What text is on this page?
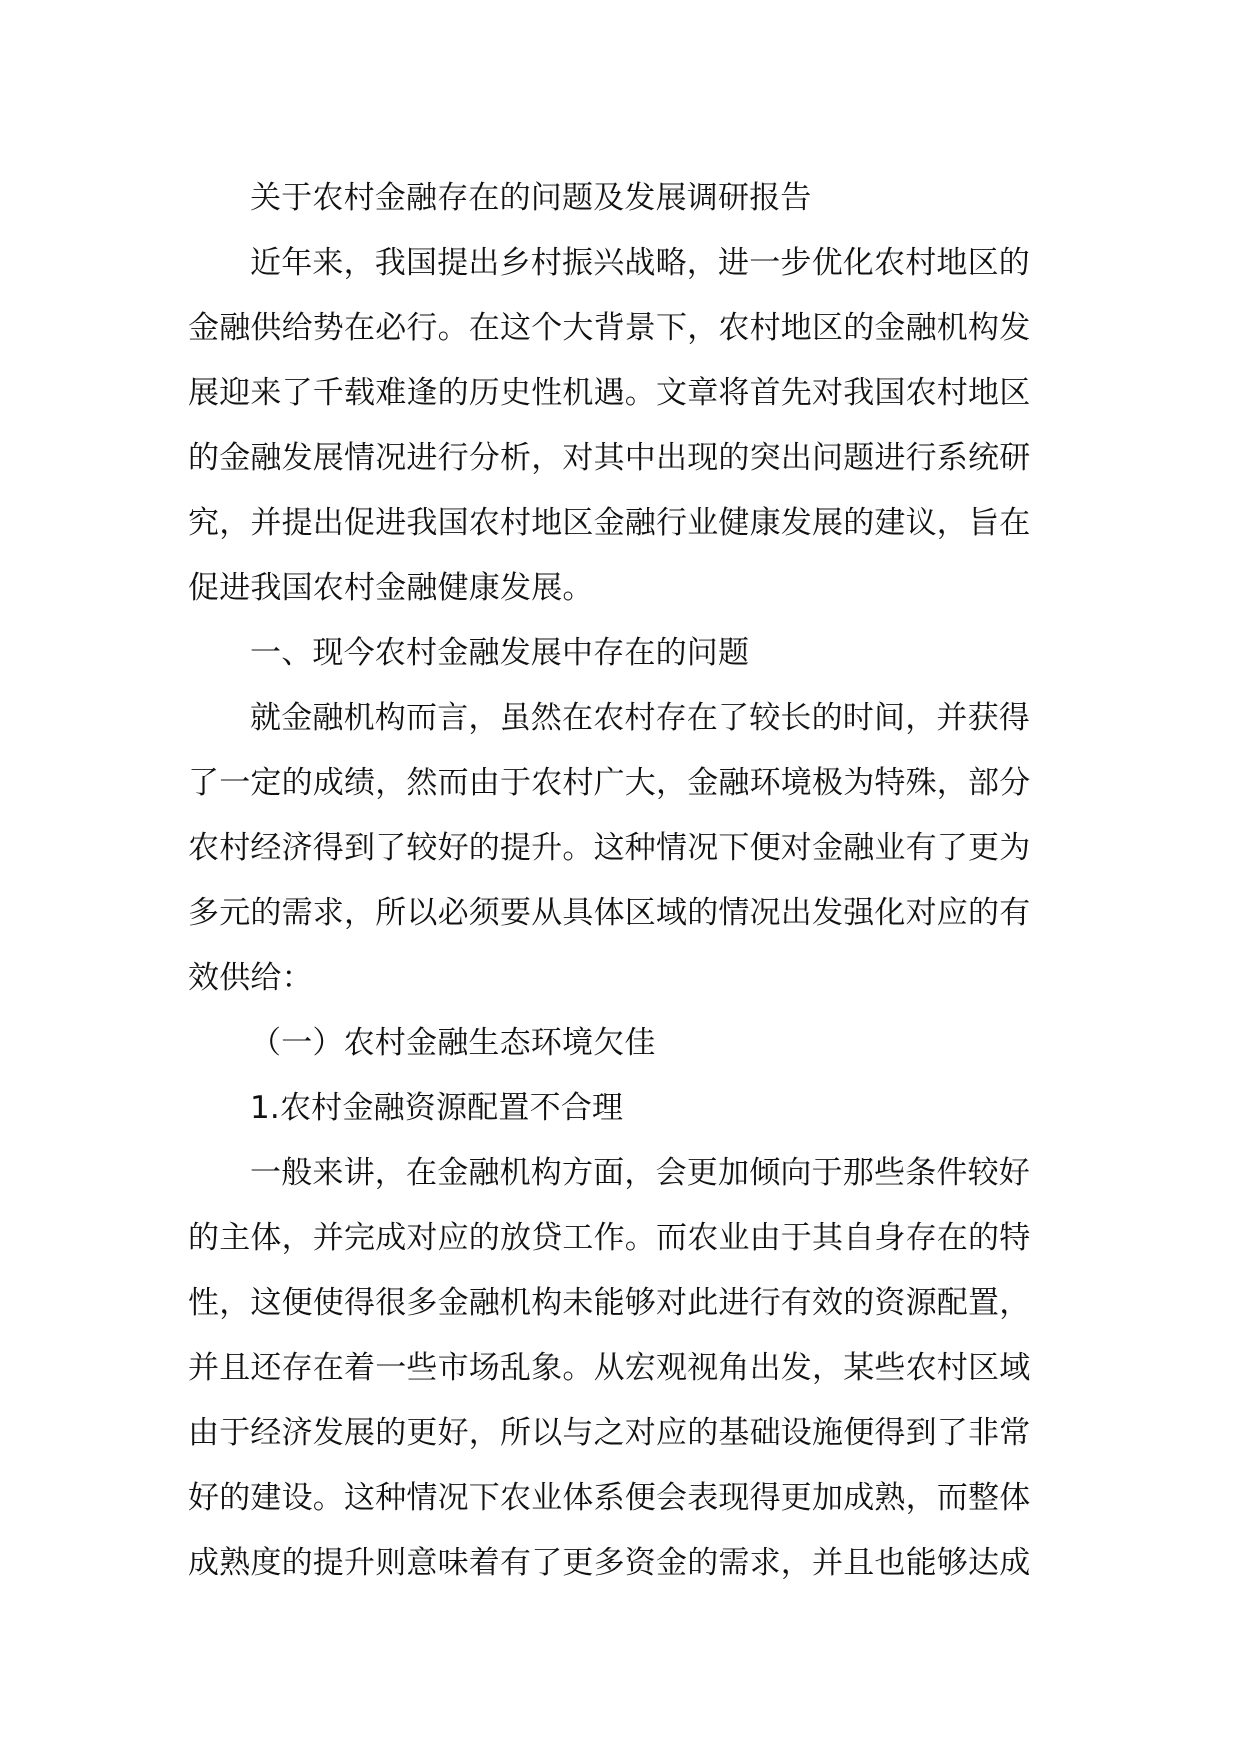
关于农村金融存在的问题及发展调研报告
近年来，我国提出乡村振兴战略，进一步优化农村地区的
金融供给势在必行。在这个大背景下，农村地区的金融机构发
展迎来了千载难逢的历史性机遇。文章将首先对我国农村地区
的金融发展情况进行分析，对其中出现的突出问题进行系统研
究，并提出促进我国农村地区金融行业健康发展的建议，旨在
促进我国农村金融健康发展。
一、现今农村金融发展中存在的问题
就金融机构而言，虽然在农村存在了较长的时间，并获得
了一定的成绩，然而由于农村广大，金融环境极为特殊，部分
农村经济得到了较好的提升。这种情况下便对金融业有了更为
多元的需求，所以必须要从具体区域的情况出发强化对应的有
效供给：
（一）农村金融生态环境欠佳
1.农村金融资源配置不合理
一般来讲，在金融机构方面，会更加倾向于那些条件较好
的主体，并完成对应的放贷工作。而农业由于其自身存在的特
性，这便使得很多金融机构未能够对此进行有效的资源配置，
并且还存在着一些市场乱象。从宏观视角出发，某些农村区域
由于经济发展的更好，所以与之对应的基础设施便得到了非常
好的建设。这种情况下农业体系便会表现得更加成熟，而整体
成熟度的提升则意味着有了更多资金的需求，并且也能够达成
